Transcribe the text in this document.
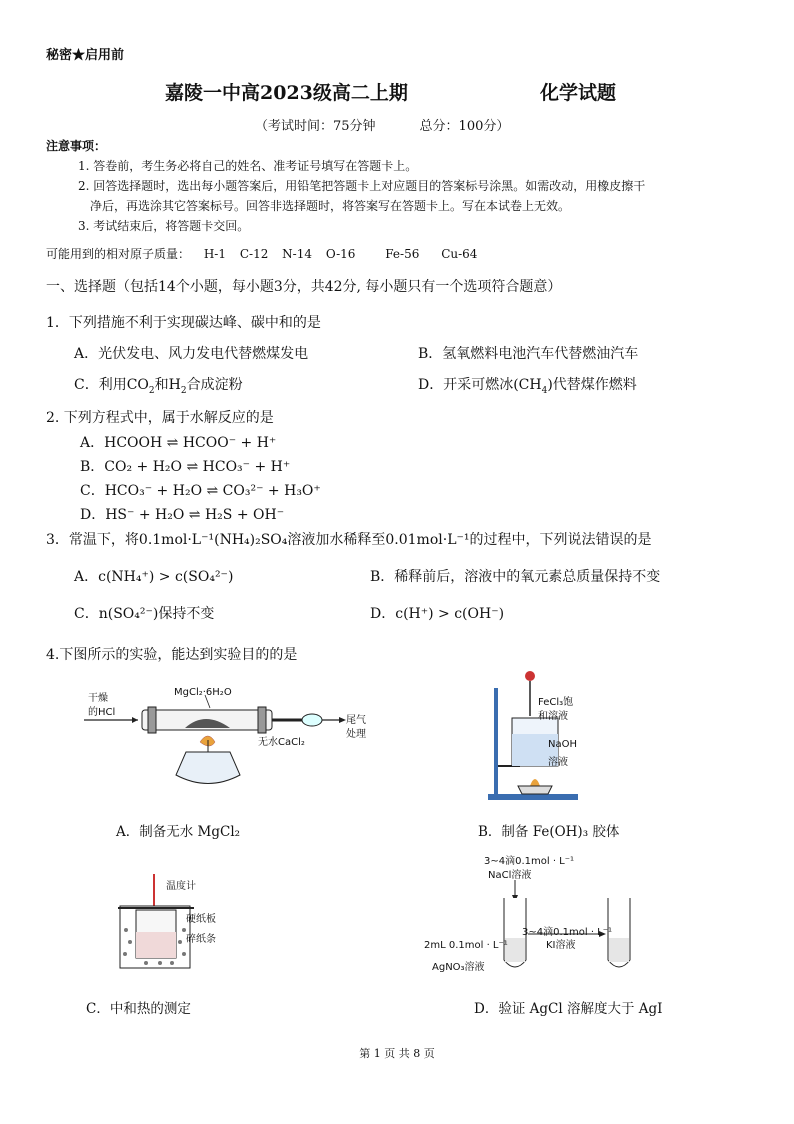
秘密★启用前
嘉陵一中高2023级高二上期	化学试题
（考试时间：75分钟	总分：100分）
注意事项：
1. 答卷前，考生务必将自己的姓名、准考证号填写在答题卡上。
2. 回答选择题时，选出每小题答案后，用铅笔把答题卡上对应题目的答案标号涂黑。如需改动，用橡皮擦干
净后，再选涂其它答案标号。回答非选择题时，将答案写在答题卡上。写在本试卷上无效。
3. 考试结束后，将答题卡交回。
可能用到的相对原子质量： H-1 C-12 N-14 O-16 Fe-56 Cu-64
一、选择题（包括14个小题，每小题3分，共42分, 每小题只有一个选项符合题意）
1．下列措施不利于实现碳达峰、碳中和的是
A．光伏发电、风力发电代替燃煤发电	B．氢氧燃料电池汽车代替燃油汽车
C．利用$CO_2$和$H_2$合成淀粉	D．开采可燃冰$(CH_4)$代替煤作燃料
2. 下列方程式中，属于水解反应的是
A．HCOOH ⇌ HCOO⁻ + H⁺
B．CO₂ + H₂O ⇌ HCO₃⁻ + H⁺
C．HCO₃⁻ + H₂O ⇌ CO₃²⁻ + H₃O⁺
D．HS⁻ + H₂O ⇌ H₂S + OH⁻
3．常温下，将0.1mol·L⁻¹(NH₄)₂SO₄溶液加水稀释至0.01mol·L⁻¹的过程中，下列说法错误的是
A．c(NH₄⁺) > c(SO₄²⁻)	B．稀释前后，溶液中的氧元素总质量保持不变
C．n(SO₄²⁻)保持不变	D．c(H⁺) > c(OH⁻)
4.下图所示的实验，能达到实验目的的是
干燥
的HCl
MgCl₂·6H₂O
无水CaCl₂
尾气
处理
A．制备无水 MgCl₂
FeCl₃饱
和溶液
NaOH
溶液
B．制备 Fe(OH)₃ 胶体
温度计
硬纸板
碎纸条
C．中和热的测定
3~4滴0.1mol · L⁻¹
NaCl溶液
3~4滴0.1mol · L⁻¹
KI溶液
2mL 0.1mol · L⁻¹
AgNO₃溶液
D．验证 AgCl 溶解度大于 AgI
第 1 页 共 8 页
